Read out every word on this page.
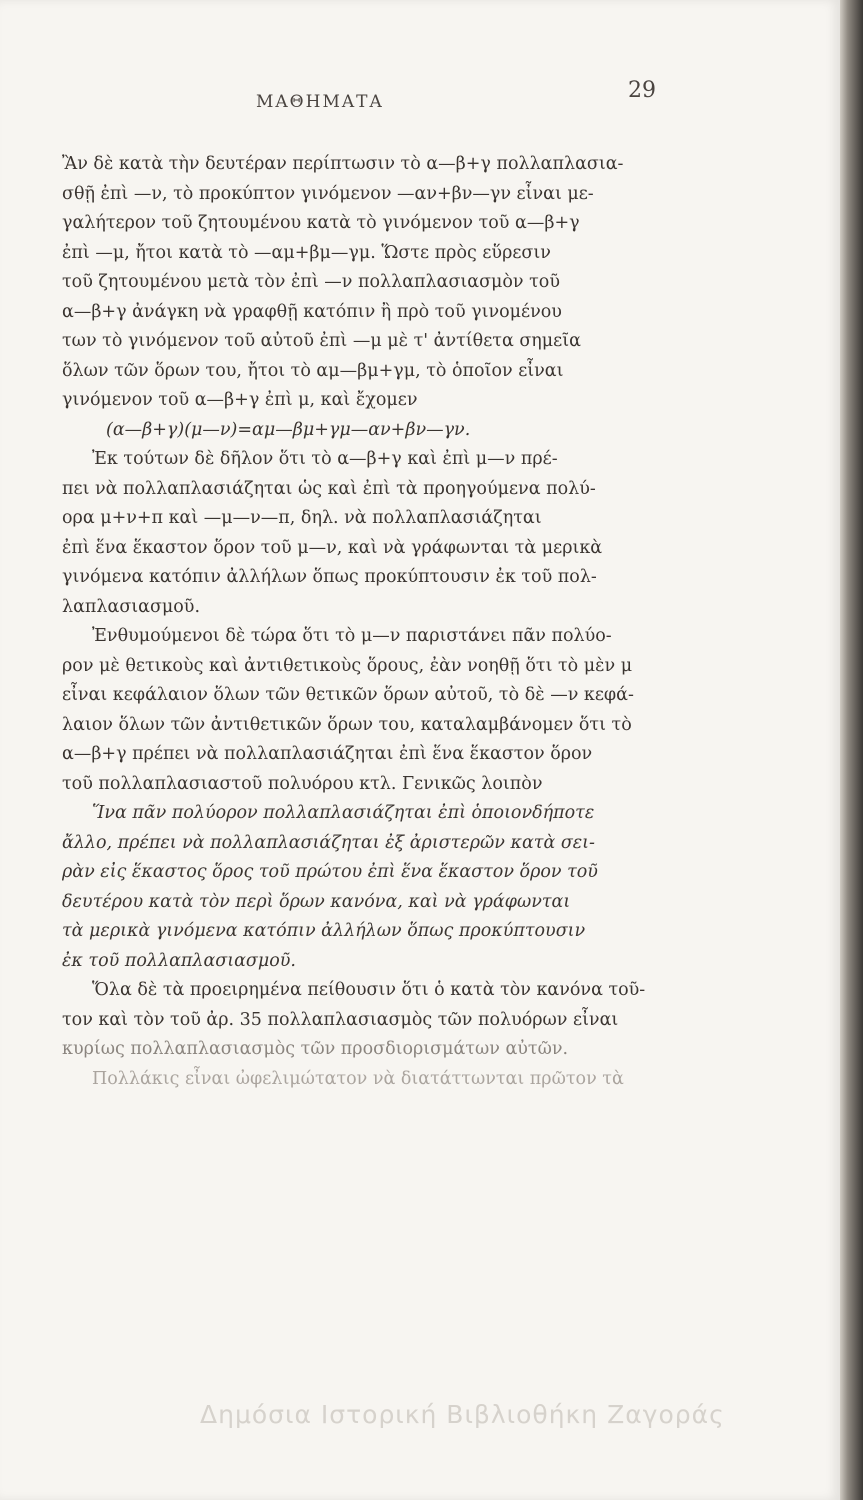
ΜΑΘΗΜΑΤΑ	29
Ἂν δὲ κατὰ τὴν δευτέραν περίπτωσιν τὸ α—β+γ πολλαπλασια-
σθῇ ἐπὶ —ν, τὸ προκύπτον γινόμενον —αν+βν—γν εἶναι με-
γαλήτερον τοῦ ζητουμένου κατὰ τὸ γινόμενον τοῦ α—β+γ
ἐπὶ —μ, ἤτοι κατὰ τὸ —αμ+βμ—γμ. Ὥστε πρὸς εὕρεσιν
τοῦ ζητουμένου μετὰ τὸν ἐπὶ —ν πολλαπλασιασμὸν τοῦ
α—β+γ ἀνάγκη νὰ γραφθῇ κατόπιν ἢ πρὸ τοῦ γινομένου
των τὸ γινόμενον τοῦ αὐτοῦ ἐπὶ —μ μὲ τ' ἀντίθετα σημεῖα
ὅλων τῶν ὅρων του, ἤτοι τὸ αμ—βμ+γμ, τὸ ὁποῖον εἶναι
γινόμενον τοῦ α—β+γ ἐπὶ μ, καὶ ἔχομεν
(α—β+γ)(μ—ν)=αμ—βμ+γμ—αν+βν—γν.
Ἐκ τούτων δὲ δῆλον ὅτι τὸ α—β+γ καὶ ἐπὶ μ—ν πρέ-
πει νὰ πολλαπλασιάζηται ὡς καὶ ἐπὶ τὰ προηγούμενα πολύ-
ορα μ+ν+π καὶ —μ—ν—π, δηλ. νὰ πολλαπλασιάζηται
ἐπὶ ἕνα ἕκαστον ὅρον τοῦ μ—ν, καὶ νὰ γράφωνται τὰ μερικὰ
γινόμενα κατόπιν ἀλλήλων ὅπως προκύπτουσιν ἐκ τοῦ πολ-
λαπλασιασμοῦ.
Ἐνθυμούμενοι δὲ τώρα ὅτι τὸ μ—ν παριστάνει πᾶν πολύο-
ρον μὲ θετικοὺς καὶ ἀντιθετικοὺς ὅρους, ἐὰν νοηθῇ ὅτι τὸ μὲν μ
εἶναι κεφάλαιον ὅλων τῶν θετικῶν ὅρων αὐτοῦ, τὸ δὲ —ν κεφά-
λαιον ὅλων τῶν ἀντιθετικῶν ὅρων του, καταλαμβάνομεν ὅτι τὸ
α—β+γ πρέπει νὰ πολλαπλασιάζηται ἐπὶ ἕνα ἕκαστον ὅρον
τοῦ πολλαπλασιαστοῦ πολυόρου κτλ. Γενικῶς λοιπὸν
Ἵνα πᾶν πολύορον πολλαπλασιάζηται ἐπὶ ὁποιονδήποτε
ἄλλο, πρέπει νὰ πολλαπλασιάζηται ἐξ ἀριστερῶν κατὰ σει-
ρὰν εἰς ἕκαστος ὅρος τοῦ πρώτου ἐπὶ ἕνα ἕκαστον ὅρον τοῦ
δευτέρου κατὰ τὸν περὶ ὅρων κανόνα, καὶ νὰ γράφωνται
τὰ μερικὰ γινόμενα κατόπιν ἀλλήλων ὅπως προκύπτουσιν
ἐκ τοῦ πολλαπλασιασμοῦ.
Ὅλα δὲ τὰ προειρημένα πείθουσιν ὅτι ὁ κατὰ τὸν κανόνα τοῦ-
τον καὶ τὸν τοῦ ἀρ. 35 πολλαπλασιασμὸς τῶν πολυόρων εἶναι
κυρίως πολλαπλασιασμὸς τῶν προσδιορισμάτων αὐτῶν.
Πολλάκις εἶναι ὠφελιμώτατον νὰ διατάττωνται πρῶτον τὰ
Δημόσια Ιστορική Βιβλιοθήκη Ζαγοράς
